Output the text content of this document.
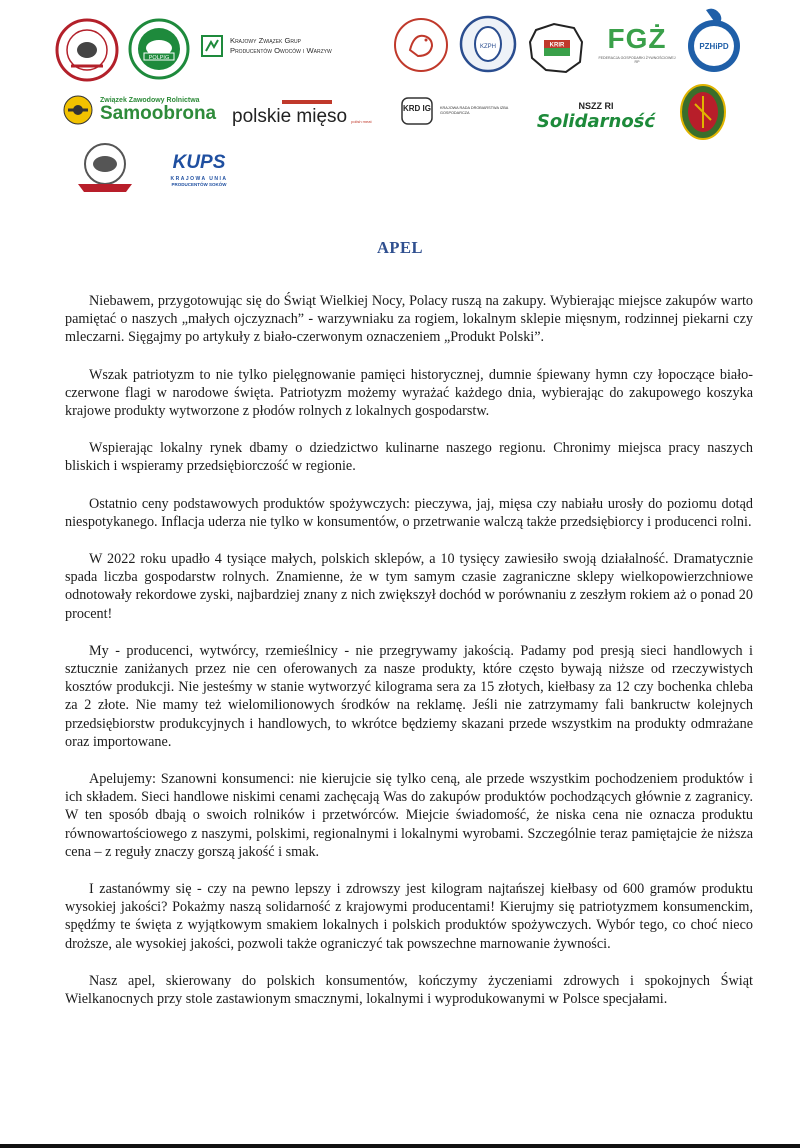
POLPIG
Krajowy Związek Grup
Producentów Owoców i Warzyw	KZPH	KRIR FGŻ
FEDERACJA GOSPODARKI ŻYWNOŚCIOWEJ RP
PZHiPD
Związek Zawodowy Rolnictwa
Samoobrona polskie mięso polish meat
KRD IG KRAJOWA RADA DROBIARSTWA IZBA GOSPODARCZA
NSZZ RI
Solidarność
KUPS
KRAJOWA UNIA
PRODUCENTÓW SOKÓW
APEL

Niebawem, przygotowując się do Świąt Wielkiej Nocy, Polacy ruszą na zakupy. Wybierając miejsce zakupów warto pamiętać o naszych „małych ojczyznach” - warzywniaku za rogiem, lokalnym sklepie mięsnym, rodzinnej piekarni czy mleczarni. Sięgajmy po artykuły z biało-czerwonym oznaczeniem „Produkt Polski”.

Wszak patriotyzm to nie tylko pielęgnowanie pamięci historycznej, dumnie śpiewany hymn czy łopoczące biało-czerwone flagi w narodowe święta. Patriotyzm możemy wyrażać każdego dnia, wybierając do zakupowego koszyka krajowe produkty wytworzone z płodów rolnych z lokalnych gospodarstw.

Wspierając lokalny rynek dbamy o dziedzictwo kulinarne naszego regionu. Chronimy miejsca pracy naszych bliskich i wspieramy przedsiębiorczość w regionie.

Ostatnio ceny podstawowych produktów spożywczych: pieczywa, jaj, mięsa czy nabiału urosły do poziomu dotąd niespotykanego. Inflacja uderza nie tylko w konsumentów, o przetrwanie walczą także przedsiębiorcy i producenci rolni.

W 2022 roku upadło 4 tysiące małych, polskich sklepów, a 10 tysięcy zawiesiło swoją działalność. Dramatycznie spada liczba gospodarstw rolnych. Znamienne, że w tym samym czasie zagraniczne sklepy wielkopowierzchniowe odnotowały rekordowe zyski, najbardziej znany z nich zwiększył dochód w porównaniu z zeszłym rokiem aż o ponad 20 procent!

My - producenci, wytwórcy, rzemieślnicy - nie przegrywamy jakością. Padamy pod presją sieci handlowych i sztucznie zaniżanych przez nie cen oferowanych za nasze produkty, które często bywają niższe od rzeczywistych kosztów produkcji. Nie jesteśmy w stanie wytworzyć kilograma sera za 15 złotych, kiełbasy za 12 czy bochenka chleba za 2 złote. Nie mamy też wielomilionowych środków na reklamę. Jeśli nie zatrzymamy fali bankructw kolejnych przedsiębiorstw produkcyjnych i handlowych, to wkrótce będziemy skazani przede wszystkim na produkty odmrażane oraz importowane.

Apelujemy: Szanowni konsumenci: nie kierujcie się tylko ceną, ale przede wszystkim pochodzeniem produktów i ich składem. Sieci handlowe niskimi cenami zachęcają Was do zakupów produktów pochodzących głównie z zagranicy. W ten sposób dbają o swoich rolników i przetwórców. Miejcie świadomość, że niska cena nie oznacza produktu równowartościowego z naszymi, polskimi, regionalnymi i lokalnymi wyrobami. Szczególnie teraz pamiętajcie że niższa cena – z reguły znaczy gorszą jakość i smak.

I zastanówmy się - czy na pewno lepszy i zdrowszy jest kilogram najtańszej kiełbasy od 600 gramów produktu wysokiej jakości? Pokażmy naszą solidarność z krajowymi producentami! Kierujmy się patriotyzmem konsumenckim, spędźmy te święta z wyjątkowym smakiem lokalnych i polskich produktów spożywczych. Wybór tego, co choć nieco droższe, ale wysokiej jakości, pozwoli także ograniczyć tak powszechne marnowanie żywności.

Nasz apel, skierowany do polskich konsumentów, kończymy życzeniami zdrowych i spokojnych Świąt Wielkanocnych przy stole zastawionym smacznymi, lokalnymi i wyprodukowanymi w Polsce specjałami.
